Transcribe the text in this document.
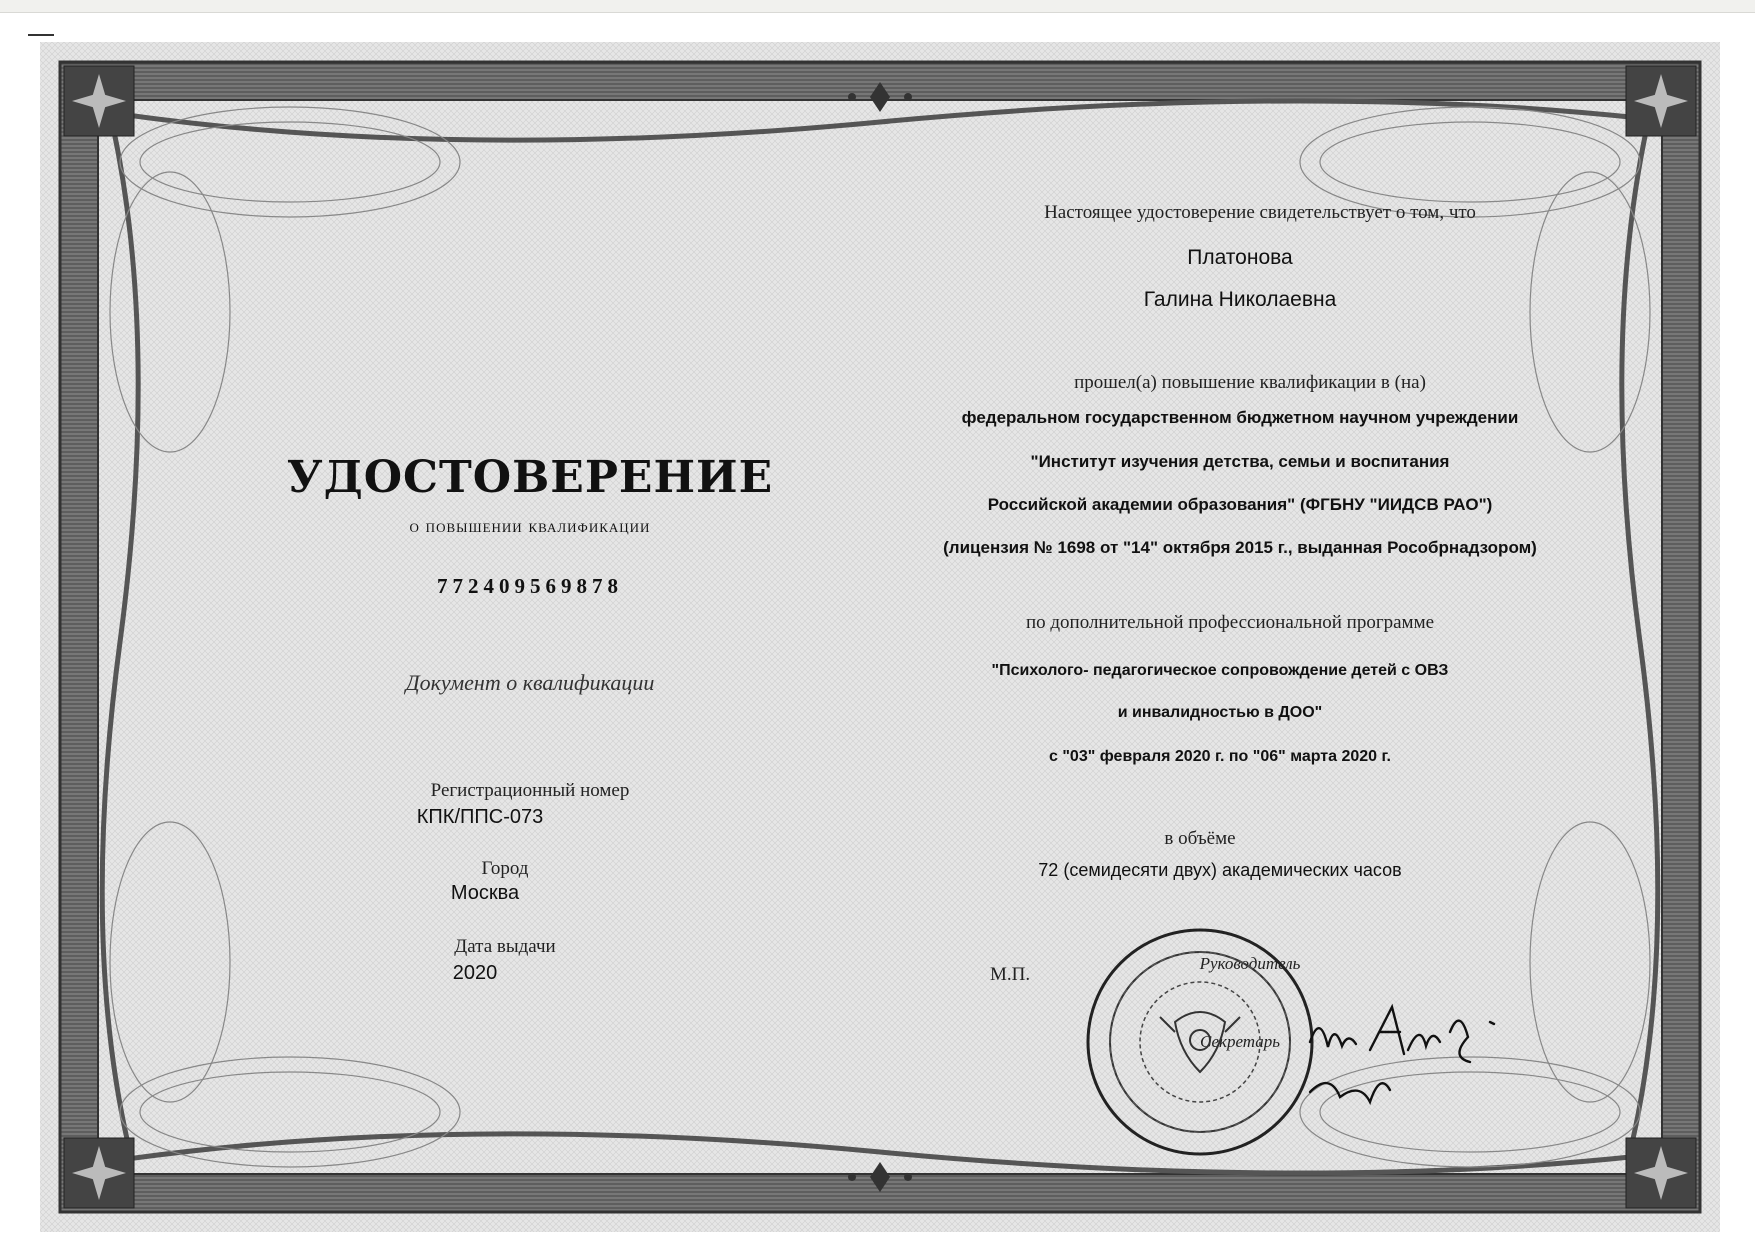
УДОСТОВЕРЕНИЕ
о повышении квалификации
772409569878
Документ о квалификации
Регистрационный номер
КПК/ППС-073
Город
Москва
Дата выдачи
2020
Настоящее удостоверение свидетельствует о том, что
Платонова
Галина Николаевна
прошел(а) повышение квалификации в (на)
федеральном государственном бюджетном научном учреждении
"Институт изучения детства, семьи и воспитания
Российской академии образования" (ФГБНУ "ИИДСВ РАО")
(лицензия № 1698 от "14" октября 2015 г., выданная Рособрнадзором)
по дополнительной профессиональной программе
"Психолого- педагогическое сопровождение детей с ОВЗ
и инвалидностью в ДОО"
с "03" февраля 2020 г. по "06" марта 2020 г.
в объёме
72 (семидесяти двух) академических часов
М.П.
Руководитель
Секретарь
